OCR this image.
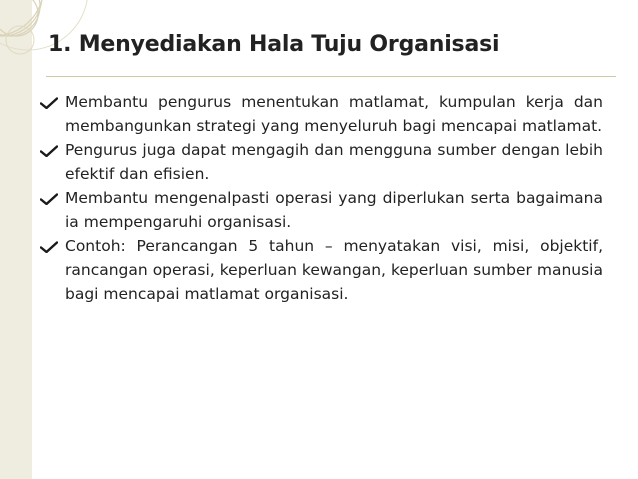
1. Menyediakan Hala Tuju Organisasi
Membantu pengurus menentukan matlamat, kumpulan kerja dan membangunkan strategi yang menyeluruh bagi mencapai matlamat.
Pengurus juga dapat mengagih dan mengguna sumber dengan lebih efektif dan efisien.
Membantu mengenalpasti operasi yang diperlukan serta bagaimana ia mempengaruhi organisasi.
Contoh: Perancangan 5 tahun – menyatakan visi, misi, objektif, rancangan operasi, keperluan kewangan, keperluan sumber manusia bagi mencapai matlamat organisasi.
